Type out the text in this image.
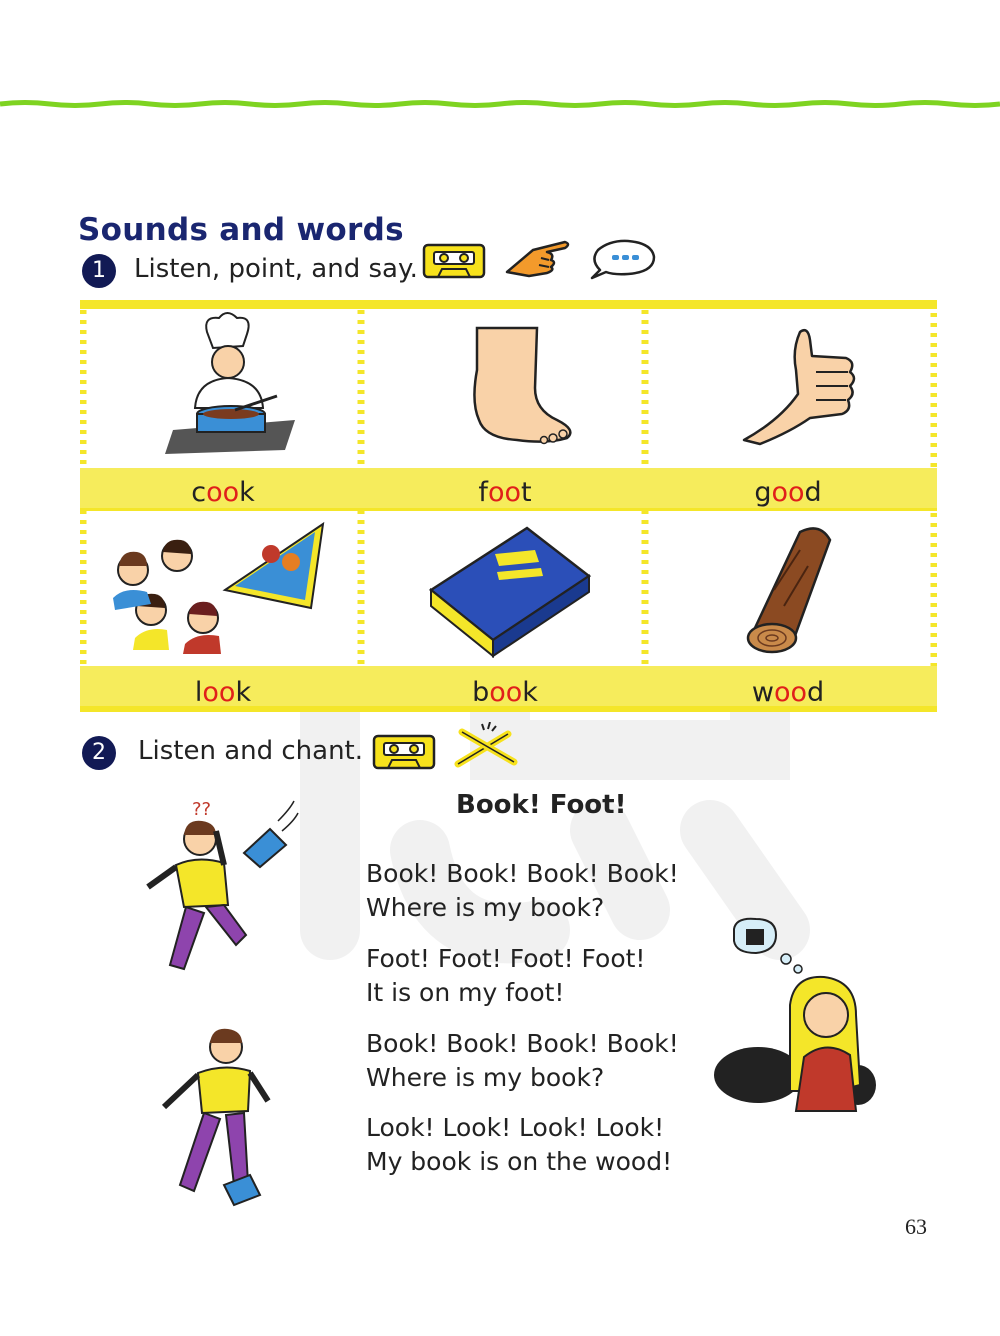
Sounds and words
1	Listen, point, and say.
cook	foot	good
look	book	wood
2	Listen and chant.
??	Book! Foot!
Book! Book! Book! Book!
Where is my book?
Foot! Foot! Foot! Foot!
It is on my foot!
Book! Book! Book! Book!
Where is my book?
Look! Look! Look! Look!
My book is on the wood!
63
